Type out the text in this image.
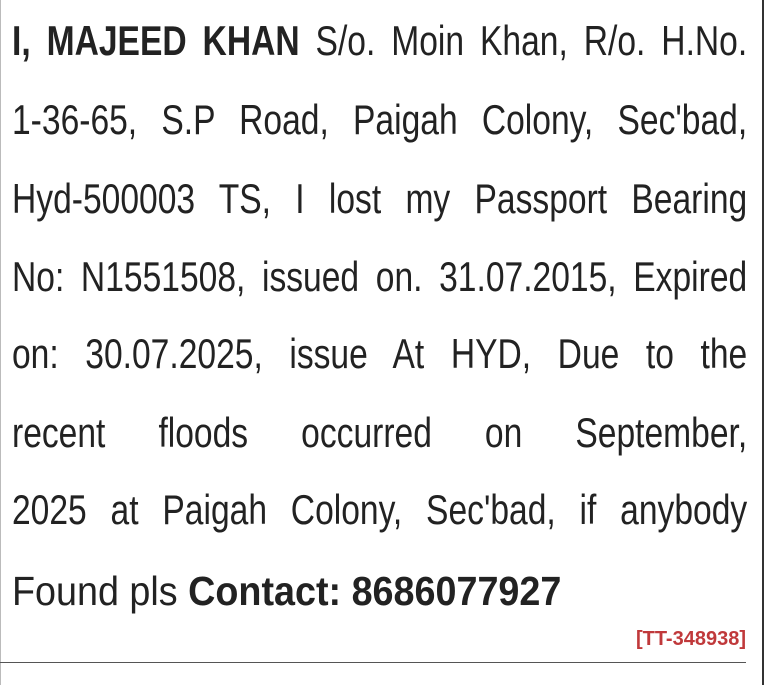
I, MAJEED KHAN S/o. Moin Khan, R/o. H.No.
1-36-65, S.P Road, Paigah Colony, Sec'bad,
Hyd-500003 TS, I lost my Passport Bearing
No: N1551508, issued on. 31.07.2015, Expired
on: 30.07.2025, issue At HYD, Due to the
recent floods occurred on September,
2025 at Paigah Colony, Sec'bad, if anybody
Found pls Contact: 8686077927
[TT-348938]
